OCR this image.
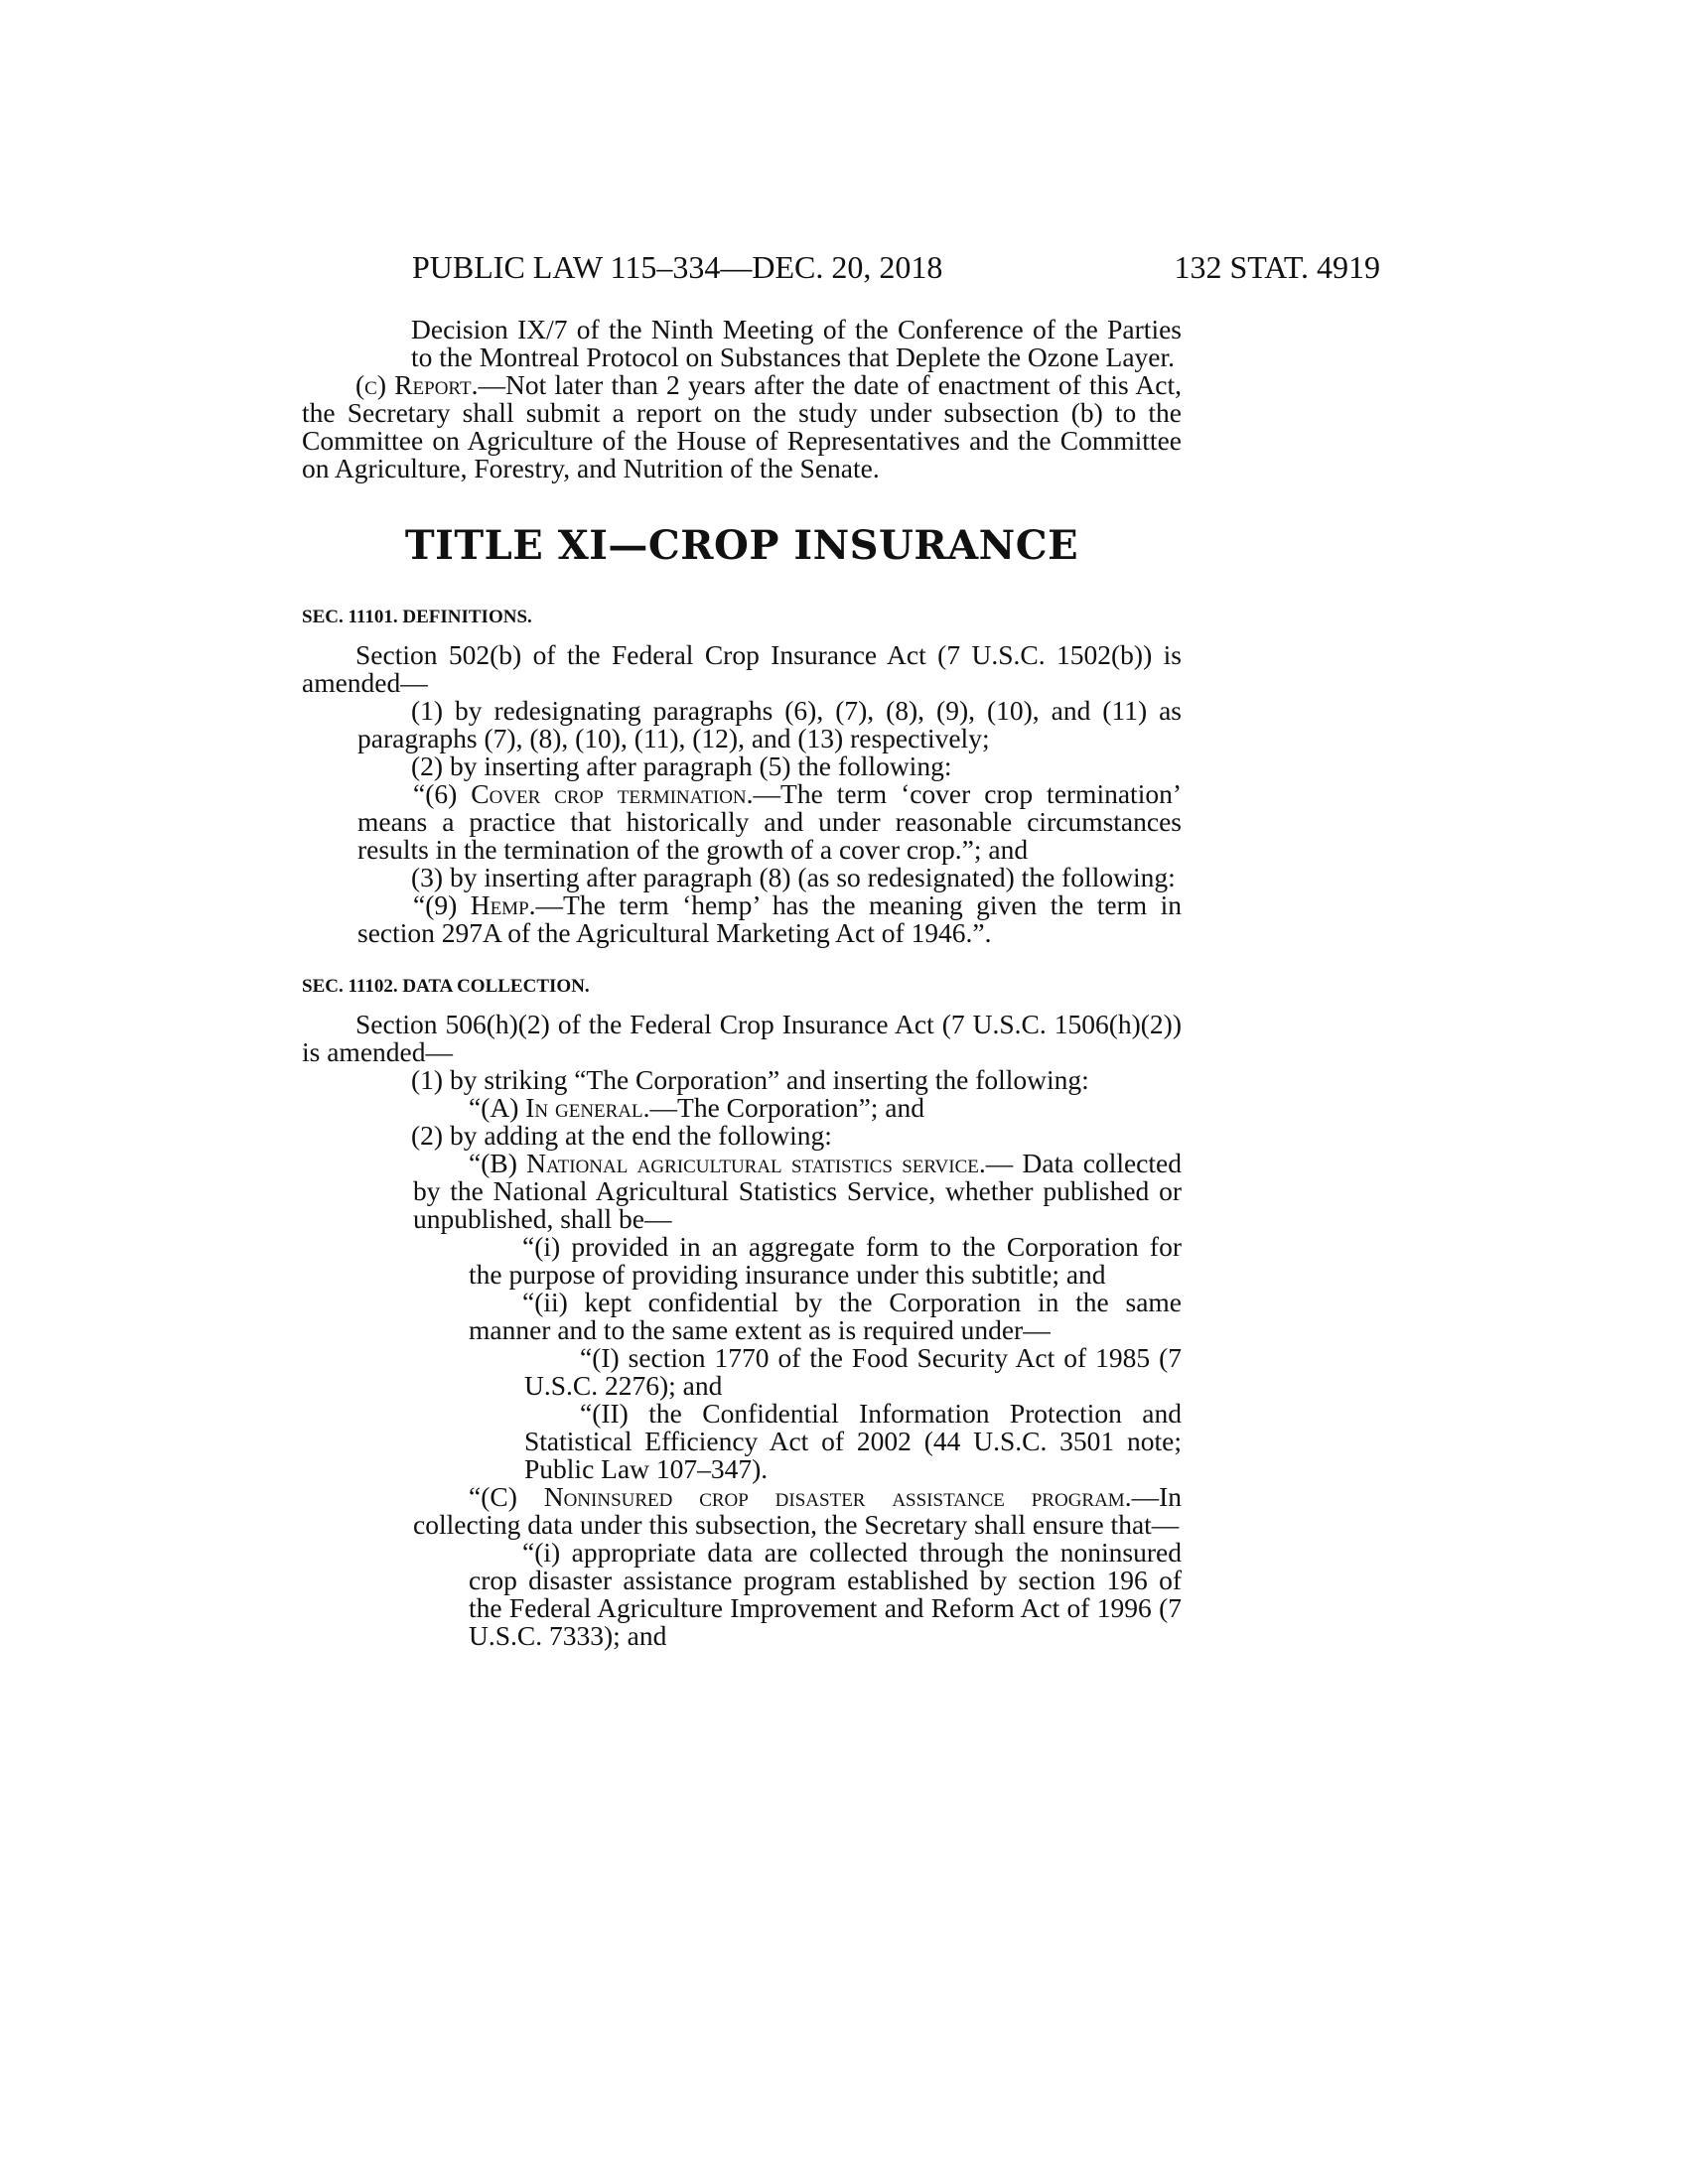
PUBLIC LAW 115–334—DEC. 20, 2018	132 STAT. 4919

Decision IX/7 of the Ninth Meeting of the Conference of the Parties to the Montreal Protocol on Substances that Deplete the Ozone Layer.

(c) Report.—Not later than 2 years after the date of enactment of this Act, the Secretary shall submit a report on the study under subsection (b) to the Committee on Agriculture of the House of Representatives and the Committee on Agriculture, Forestry, and Nutrition of the Senate.

TITLE XI—CROP INSURANCE
SEC. 11101. DEFINITIONS.

Section 502(b) of the Federal Crop Insurance Act (7 U.S.C. 1502(b)) is amended—

(1) by redesignating paragraphs (6), (7), (8), (9), (10), and (11) as paragraphs (7), (8), (10), (11), (12), and (13) respectively;

(2) by inserting after paragraph (5) the following:

“(6) Cover crop termination.—The term ‘cover crop termination’ means a practice that historically and under reasonable circumstances results in the termination of the growth of a cover crop.”; and

(3) by inserting after paragraph (8) (as so redesignated) the following:

“(9) Hemp.—The term ‘hemp’ has the meaning given the term in section 297A of the Agricultural Marketing Act of 1946.”.

SEC. 11102. DATA COLLECTION.

Section 506(h)(2) of the Federal Crop Insurance Act (7 U.S.C. 1506(h)(2)) is amended—

(1) by striking “The Corporation” and inserting the following:

“(A) In general.—The Corporation”; and

(2) by adding at the end the following:

“(B) National agricultural statistics service.— Data collected by the National Agricultural Statistics Service, whether published or unpublished, shall be—

“(i) provided in an aggregate form to the Corporation for the purpose of providing insurance under this subtitle; and

“(ii) kept confidential by the Corporation in the same manner and to the same extent as is required under—

“(I) section 1770 of the Food Security Act of 1985 (7 U.S.C. 2276); and

“(II) the Confidential Information Protection and Statistical Efficiency Act of 2002 (44 U.S.C. 3501 note; Public Law 107–347).

“(C) Noninsured crop disaster assistance program.—In collecting data under this subsection, the Secretary shall ensure that—

“(i) appropriate data are collected through the noninsured crop disaster assistance program established by section 196 of the Federal Agriculture Improvement and Reform Act of 1996 (7 U.S.C. 7333); and
